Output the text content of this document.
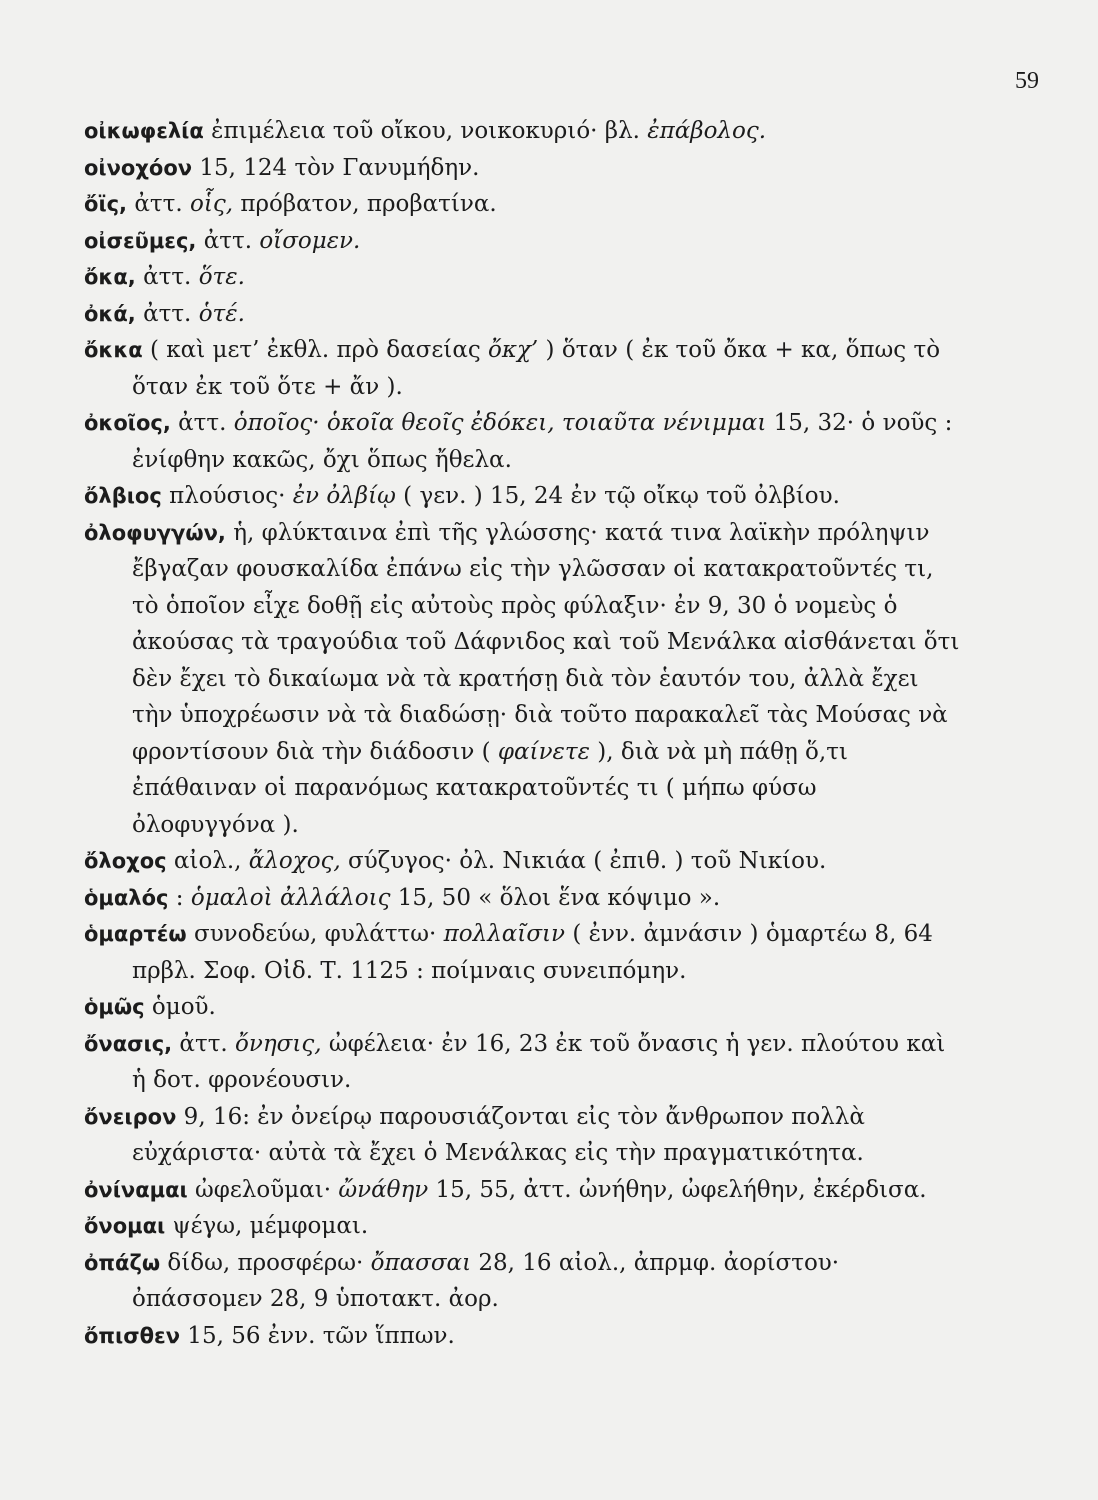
59

οἰκωφελία ἐπιμέλεια τοῦ οἴκου, νοικοκυριό· βλ. ἐπάβολος.

οἰνοχόον 15, 124 τὸν Γανυμήδην.

ὄϊς, ἀττ. οἷς, πρόβατον, προβατίνα.

οἰσεῦμες, ἀττ. οἴσομεν.

ὄκα, ἀττ. ὅτε.

ὀκά, ἀττ. ὁτέ.

ὄκκα ( καὶ μετ’ ἐκθλ. πρὸ δασείας ὄκχ’ ) ὅταν ( ἐκ τοῦ ὄκα + κα, ὅπως τὸ ὅταν ἐκ τοῦ ὅτε + ἄν ).

ὀκοῖος, ἀττ. ὁποῖος· ὁκοῖα θεοῖς ἐδόκει, τοιαῦτα νένιμμαι 15, 32· ὁ νοῦς : ἐνίφθην κακῶς, ὄχι ὅπως ἤθελα.

ὄλβιος πλούσιος· ἐν ὀλβίῳ ( γεν. ) 15, 24 ἐν τῷ οἴκῳ τοῦ ὀλβίου.

ὀλοφυγγών, ἡ, φλύκταινα ἐπὶ τῆς γλώσσης· κατά τινα λαϊκὴν πρόληψιν ἔβγαζαν φουσκαλίδα ἐπάνω εἰς τὴν γλῶσσαν οἱ κατακρατοῦντές τι, τὸ ὁποῖον εἶχε δοθῇ εἰς αὐτοὺς πρὸς φύλαξιν· ἐν 9, 30 ὁ νομεὺς ὁ ἀκούσας τὰ τραγούδια τοῦ Δάφνιδος καὶ τοῦ Μενάλκα αἰσθάνεται ὅτι δὲν ἔχει τὸ δικαίωμα νὰ τὰ κρατήσῃ διὰ τὸν ἑαυτόν του, ἀλλὰ ἔχει τὴν ὑποχρέωσιν νὰ τὰ διαδώσῃ· διὰ τοῦτο παρακαλεῖ τὰς Μούσας νὰ φροντίσουν διὰ τὴν διάδοσιν ( φαίνετε ), διὰ νὰ μὴ πάθῃ ὅ,τι ἐπάθαιναν οἱ παρανόμως κατακρατοῦντές τι ( μήπω φύσω ὀλοφυγγόνα ).

ὄλοχος αἰολ., ἄλοχος, σύζυγος· ὀλ. Νικιάα ( ἐπιθ. ) τοῦ Νικίου.

ὁμαλός : ὁμαλοὶ ἀλλάλοις 15, 50 « ὅλοι ἕνα κόψιμο ».

ὁμαρτέω συνοδεύω, φυλάττω· πολλαῖσιν ( ἐνν. ἀμνάσιν ) ὁμαρτέω 8, 64 πρβλ. Σοφ. Οἰδ. Τ. 1125 : ποίμναις συνειπόμην.

ὁμῶς ὁμοῦ.

ὄνασις, ἀττ. ὄνησις, ὠφέλεια· ἐν 16, 23 ἐκ τοῦ ὄνασις ἡ γεν. πλούτου καὶ ἡ δοτ. φρονέουσιν.

ὄνειρον 9, 16: ἐν ὀνείρῳ παρουσιάζονται εἰς τὸν ἄνθρωπον πολλὰ εὐχάριστα· αὐτὰ τὰ ἔχει ὁ Μενάλκας εἰς τὴν πραγματικότητα.

ὀνίναμαι ὠφελοῦμαι· ὤνάθην 15, 55, ἀττ. ὠνήθην, ὠφελήθην, ἐκέρδισα.

ὄνομαι ψέγω, μέμφομαι.

ὀπάζω δίδω, προσφέρω· ὄπασσαι 28, 16 αἰολ., ἀπρμφ. ἀορίστου· ὀπάσσομεν 28, 9 ὑποτακτ. ἀορ.

ὄπισθεν 15, 56 ἐνν. τῶν ἵππων.
